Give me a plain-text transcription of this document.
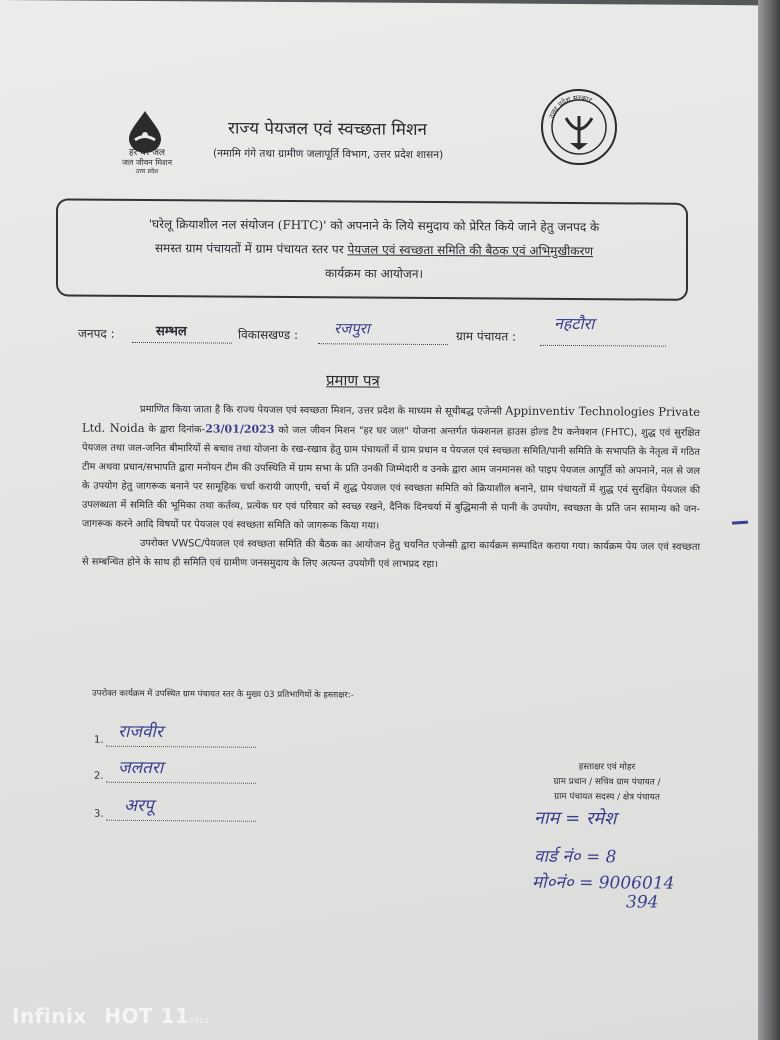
हर घर जल
जल जीवन मिशन
उत्तर प्रदेश
राज्य पेयजल एवं स्वच्छता मिशन
(नमामि गंगे तथा ग्रामीण जलापूर्ति विभाग, उत्तर प्रदेश शासन)
उत्तर प्रदेश सरकार
'घरेलू क्रियाशील नल संयोजन (FHTC)' को अपनाने के लिये समुदाय को प्रेरित किये जाने हेतु जनपद के
समस्त ग्राम पंचायतों में ग्राम पंचायत स्तर पर पेयजल एवं स्वच्छता समिति की बैठक एवं अभिमुखीकरण
कार्यक्रम का आयोजन।
जनपद :	सम्भल	विकासखण्ड : रजपुरा	ग्राम पंचायत :
नहटौरा
प्रमाण पत्र

प्रमाणित किया जाता है कि राज्य पेयजल एवं स्वच्छता मिशन, उत्तर प्रदेश के माध्यम से सूचीबद्ध एजेन्सी Appinventiv Technologies Private Ltd. Noida के द्वारा दिनांक-23/01/2023 को जल जीवन मिशन "हर घर जल" योजना अन्तर्गत फंक्शनल हाउस होल्ड टैप कनेक्शन (FHTC), शुद्ध एवं सुरक्षित पेयजल तथा जल-जनित बीमारियों से बचाव तथा योजना के रख-रखाव हेतु ग्राम पंचायतों में ग्राम प्रधान व पेयजल एवं स्वच्छता समिति/पानी समिति के सभापति के नेतृत्व में गठित टीम अथवा प्रधान/सभापति द्वारा मनोयन टीम की उपस्थिति में ग्राम सभा के प्रति उनकी जिम्मेदारी व उनके द्वारा आम जनमानस को पाइप पेयजल आपूर्ति को अपनाने, नल से जल के उपयोग हेतु जागरूक बनाने पर सामूहिक चर्चा करायी जाएगी, चर्चा में शुद्ध पेयजल एवं स्वच्छता समिति को क्रियाशील बनाने, ग्राम पंचायतों में शुद्ध एवं सुरक्षित पेयजल की उपलब्धता में समिति की भूमिका तथा कर्तव्य, प्रत्येक घर एवं परिवार को स्वच्छ रखने, दैनिक दिनचर्या में बुद्धिमानी से पानी के उपयोग, स्वच्छता के प्रति जन सामान्य को जन-जागरूक करने आदि विषयों पर पेयजल एवं स्वच्छता समिति को जागरूक किया गया।

उपरोक्त VWSC/पेयजल एवं स्वच्छता समिति की बैठक का आयोजन हेतु चयनित एजेन्सी द्वारा कार्यक्रम सम्पादित कराया गया। कार्यक्रम पेय जल एवं स्वच्छता से सम्बन्धित होने के साथ ही समिति एवं ग्रामीण जनसमुदाय के लिए अत्यन्त उपयोगी एवं लाभप्रद रहा।

उपरोक्त कार्यक्रम में उपस्थित ग्राम पंचायत स्तर के मुख्य 03 प्रतिभागियों के हस्ताक्षर:-
1. राजवीर
2. जलतरा
3. अरपू
हस्ताक्षर एवं मोहर
ग्राम प्रधान / सचिव ग्राम पंचायत /
ग्राम पंचायत सदस्य / क्षेत्र पंचायत
नाम = रमेश
वार्ड नं० = 8
मो०नं० = 9006014
394
Infinix HOT 112022
